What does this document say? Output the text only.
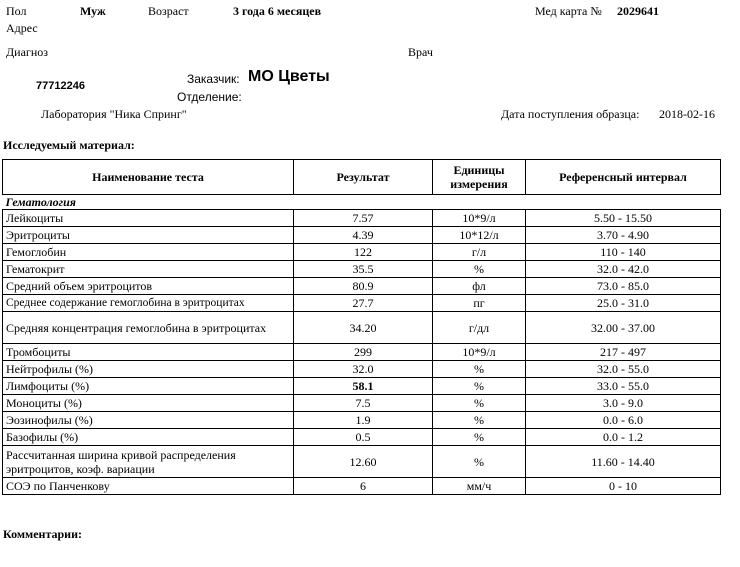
Пол	Муж	Возраст	3 года 6 месяцев	Мед карта № 2029641
Адрес
Диагноз	Врач
77712246	Заказчик: МО Цветы
Отделение:
Лаборатория "Ника Спринг"	Дата поступления образца: 2018-02-16
Исследуемый материал:
Наименование теста	Результат	Единицы измерения	Референсный интервал
Гематология			
Лейкоциты	7.57	10*9/л	5.50 - 15.50
Эритроциты	4.39	10*12/л	3.70 - 4.90
Гемоглобин	122	г/л	110 - 140
Гематокрит	35.5	%	32.0 - 42.0
Средний объем эритроцитов	80.9	фл	73.0 - 85.0
Среднее содержание гемоглобина в эритроцитах	27.7	пг	25.0 - 31.0
Средняя концентрация гемоглобина в эритроцитах	34.20	г/дл	32.00 - 37.00
Тромбоциты	299	10*9/л	217 - 497
Нейтрофилы (%)	32.0	%	32.0 - 55.0
Лимфоциты (%)	58.1	%	33.0 - 55.0
Моноциты (%)	7.5	%	3.0 - 9.0
Эозинофилы (%)	1.9	%	0.0 - 6.0
Базофилы (%)	0.5	%	0.0 - 1.2
Рассчитанная ширина кривой распределения эритроцитов, коэф. вариации	12.60	%	11.60 - 14.40
СОЭ по Панченкову	6	мм/ч	0 - 10
Комментарии:
